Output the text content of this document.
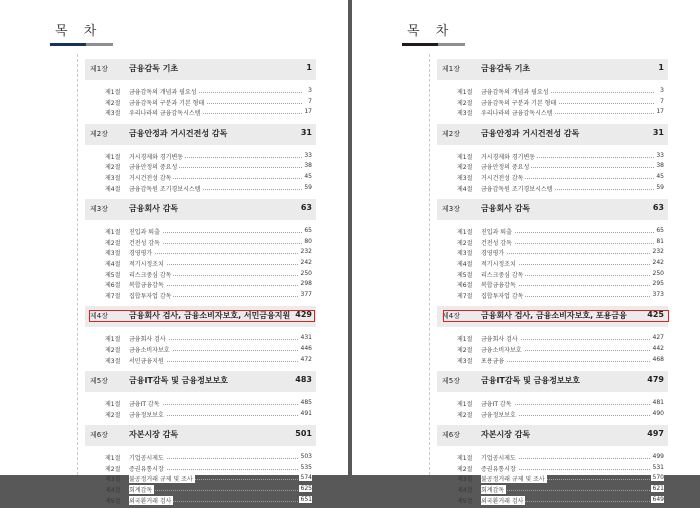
목 차
제1장	금융감독 기초	1
제1절 금융감독의 개념과 필요성	3
제2절 금융감독의 구분과 기본 형태	7
제3절 우리나라의 금융감독시스템	17
제2장	금융안정과 거시건전성 감독	31
제1절 거시경제와 경기변동	33
제2절 금융안정의 중요성	38
제3절 거시건전성 감독	45
제4절 금융감독원 조기경보시스템	59
제3장	금융회사 감독	63
제1절 진입과 퇴출	65
제2절 건전성 감독	80
제3절 경영평가	232
제4절 적기시정조치	242
제5절 리스크중심 감독	250
제6절 복합금융감독	298
제7절 집합투자업 감독	377
제4장	금융회사 검사, 금융소비자보호, 서민금융지원 429
제1절 금융회사 검사	431
제2절 금융소비자보호	446
제3절 서민금융지원	472
제5장	금융IT감독 및 금융정보보호	483
제1절 금융IT 감독	485
제2절 금융정보보호	491
제6장	자본시장 감독	501
제1절 기업공시제도	503
제2절 증권유통시장	535
제3절 불공정거래 규제 및 조사	574
제4절 회계감독	625
제5절 외국환거래 검사	651
목 차
제1장	금융감독 기초	1
제1절 금융감독의 개념과 필요성	3
제2절 금융감독의 구분과 기본 형태	7
제3절 우리나라의 금융감독시스템	17
제2장	금융안정과 거시건전성 감독	31
제1절 거시경제와 경기변동	33
제2절 금융안정의 중요성	38
제3절 거시건전성 감독	45
제4절 금융감독원 조기경보시스템	59
제3장	금융회사 감독	63
제1절 진입과 퇴출	65
제2절 건전성 감독	81
제3절 경영평가	232
제4절 적기시정조치	242
제5절 리스크중심 감독	250
제6절 복합금융감독	295
제7절 집합투자업 감독	373
제4장	금융회사 검사, 금융소비자보호, 포용금융	425
제1절 금융회사 검사	427
제2절 금융소비자보호	442
제3절 포용금융	468
제5장	금융IT감독 및 금융정보보호	479
제1절 금융IT 감독	481
제2절 금융정보보호	490
제6장	자본시장 감독	497
제1절 기업공시제도	499
제2절 증권유통시장	531
제3절 불공정거래 규제 및 조사	570
제4절 회계감독	621
제5절 외국환거래 검사	649
